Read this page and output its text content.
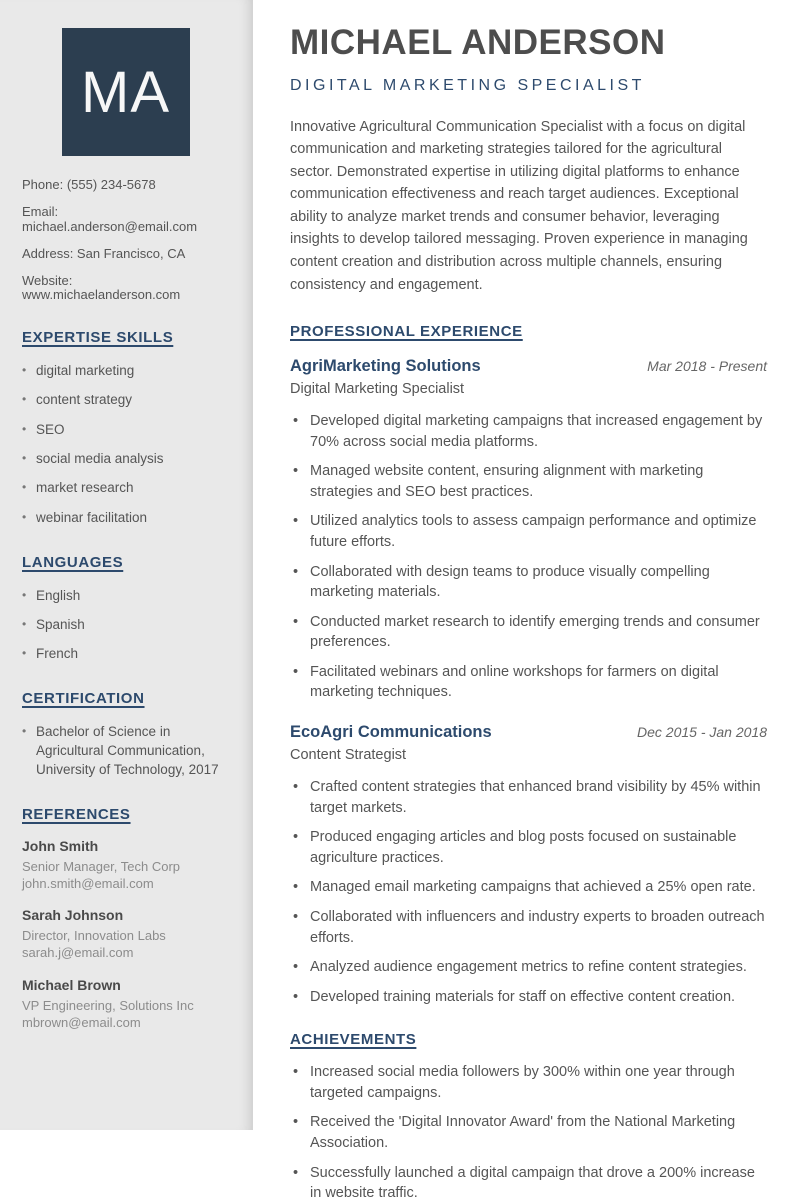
MA
Phone: (555) 234-5678
Email: michael.anderson@email.com
Address: San Francisco, CA
Website: www.michaelanderson.com
EXPERTISE SKILLS
• digital marketing
• content strategy
• SEO
• social media analysis
• market research
• webinar facilitation
LANGUAGES
• English
• Spanish
• French
CERTIFICATION
• Bachelor of Science in Agricultural Communication, University of Technology, 2017
REFERENCES
John Smith
Senior Manager, Tech Corp
john.smith@email.com
Sarah Johnson
Director, Innovation Labs
sarah.j@email.com
Michael Brown
VP Engineering, Solutions Inc
mbrown@email.com
MICHAEL ANDERSON
DIGITAL MARKETING SPECIALIST

Innovative Agricultural Communication Specialist with a focus on digital communication and marketing strategies tailored for the agricultural sector. Demonstrated expertise in utilizing digital platforms to enhance communication effectiveness and reach target audiences. Exceptional ability to analyze market trends and consumer behavior, leveraging insights to develop tailored messaging. Proven experience in managing content creation and distribution across multiple channels, ensuring consistency and engagement.

PROFESSIONAL EXPERIENCE
AgriMarketing Solutions	Mar 2018 - Present
Digital Marketing Specialist
• Developed digital marketing campaigns that increased engagement by 70% across social media platforms.
• Managed website content, ensuring alignment with marketing strategies and SEO best practices.
• Utilized analytics tools to assess campaign performance and optimize future efforts.
• Collaborated with design teams to produce visually compelling marketing materials.
• Conducted market research to identify emerging trends and consumer preferences.
• Facilitated webinars and online workshops for farmers on digital marketing techniques.
EcoAgri Communications	Dec 2015 - Jan 2018
Content Strategist
• Crafted content strategies that enhanced brand visibility by 45% within target markets.
• Produced engaging articles and blog posts focused on sustainable agriculture practices.
• Managed email marketing campaigns that achieved a 25% open rate.
• Collaborated with influencers and industry experts to broaden outreach efforts.
• Analyzed audience engagement metrics to refine content strategies.
• Developed training materials for staff on effective content creation.
ACHIEVEMENTS
• Increased social media followers by 300% within one year through targeted campaigns.
• Received the 'Digital Innovator Award' from the National Marketing Association.
• Successfully launched a digital campaign that drove a 200% increase in website traffic.
